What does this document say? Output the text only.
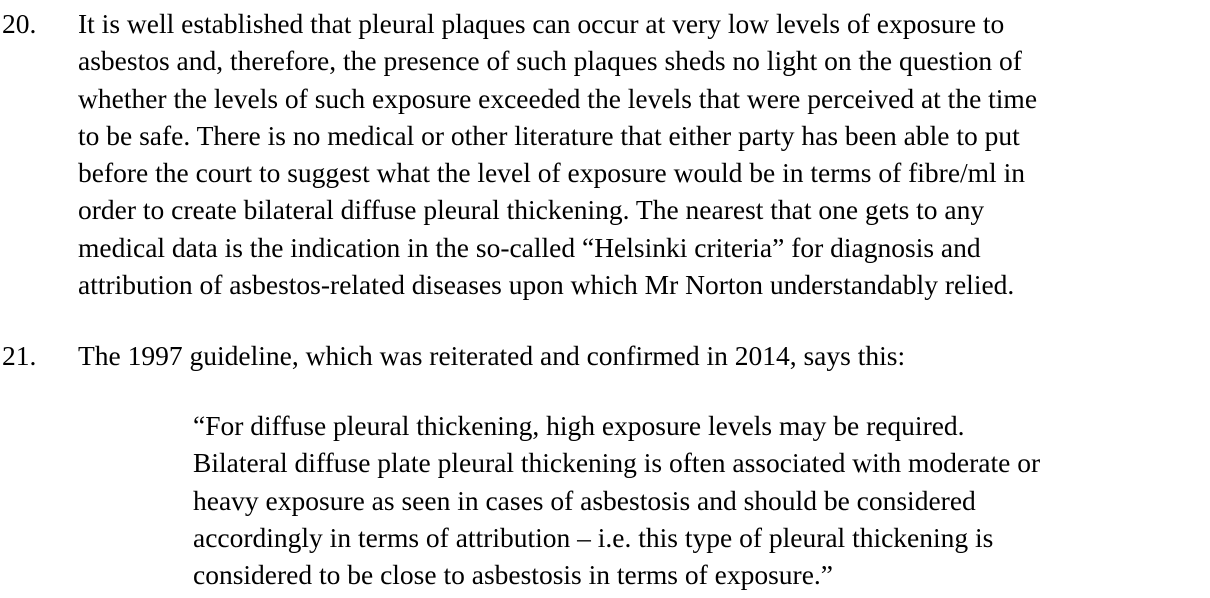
20. It is well established that pleural plaques can occur at very low levels of exposure to
asbestos and, therefore, the presence of such plaques sheds no light on the question of
whether the levels of such exposure exceeded the levels that were perceived at the time
to be safe. There is no medical or other literature that either party has been able to put
before the court to suggest what the level of exposure would be in terms of fibre/ml in
order to create bilateral diffuse pleural thickening. The nearest that one gets to any
medical data is the indication in the so-called “Helsinki criteria” for diagnosis and
attribution of asbestos-related diseases upon which Mr Norton understandably relied.
21. The 1997 guideline, which was reiterated and confirmed in 2014, says this:
“For diffuse pleural thickening, high exposure levels may be required.
Bilateral diffuse plate pleural thickening is often associated with moderate or
heavy exposure as seen in cases of asbestosis and should be considered
accordingly in terms of attribution – i.e. this type of pleural thickening is
considered to be close to asbestosis in terms of exposure.”
